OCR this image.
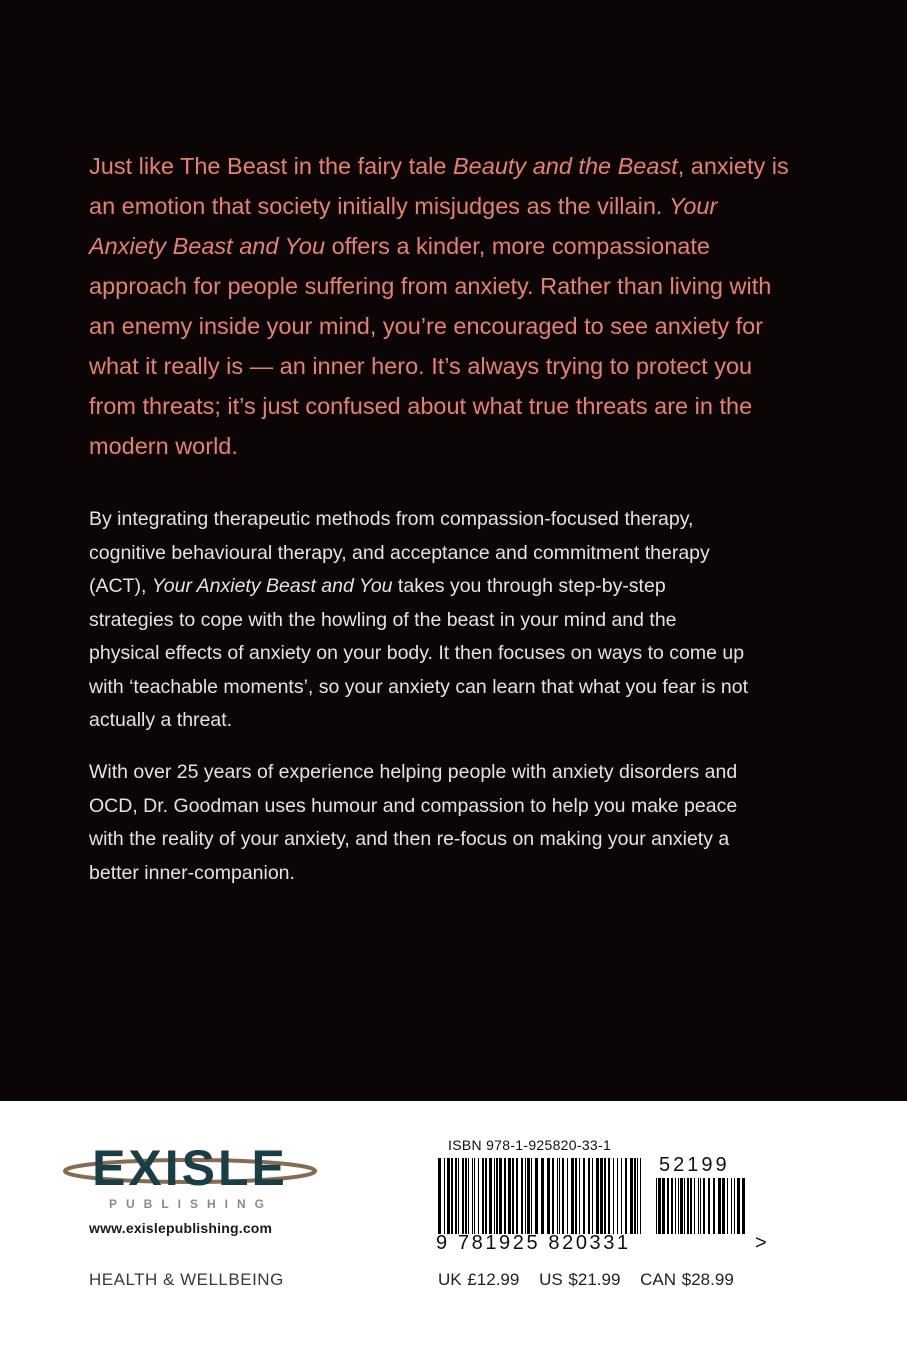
Just like The Beast in the fairy tale Beauty and the Beast, anxiety is an emotion that society initially misjudges as the villain. Your Anxiety Beast and You offers a kinder, more compassionate approach for people suffering from anxiety. Rather than living with an enemy inside your mind, you’re encouraged to see anxiety for what it really is — an inner hero. It’s always trying to protect you from threats; it’s just confused about what true threats are in the modern world.

By integrating therapeutic methods from compassion-focused therapy, cognitive behavioural therapy, and acceptance and commitment therapy (ACT), Your Anxiety Beast and You takes you through step-by-step strategies to cope with the howling of the beast in your mind and the physical effects of anxiety on your body. It then focuses on ways to come up with ‘teachable moments’, so your anxiety can learn that what you fear is not actually a threat.

With over 25 years of experience helping people with anxiety disorders and OCD, Dr. Goodman uses humour and compassion to help you make peace with the reality of your anxiety, and then re-focus on making your anxiety a better inner-companion.

EXISLE
PUBLISHING
www.exislepublishing.com
HEALTH & WELLBEING
ISBN 978-1-925820-33-1
52199
9 781925 820331	>
UK £12.99 US $21.99 CAN $28.99
